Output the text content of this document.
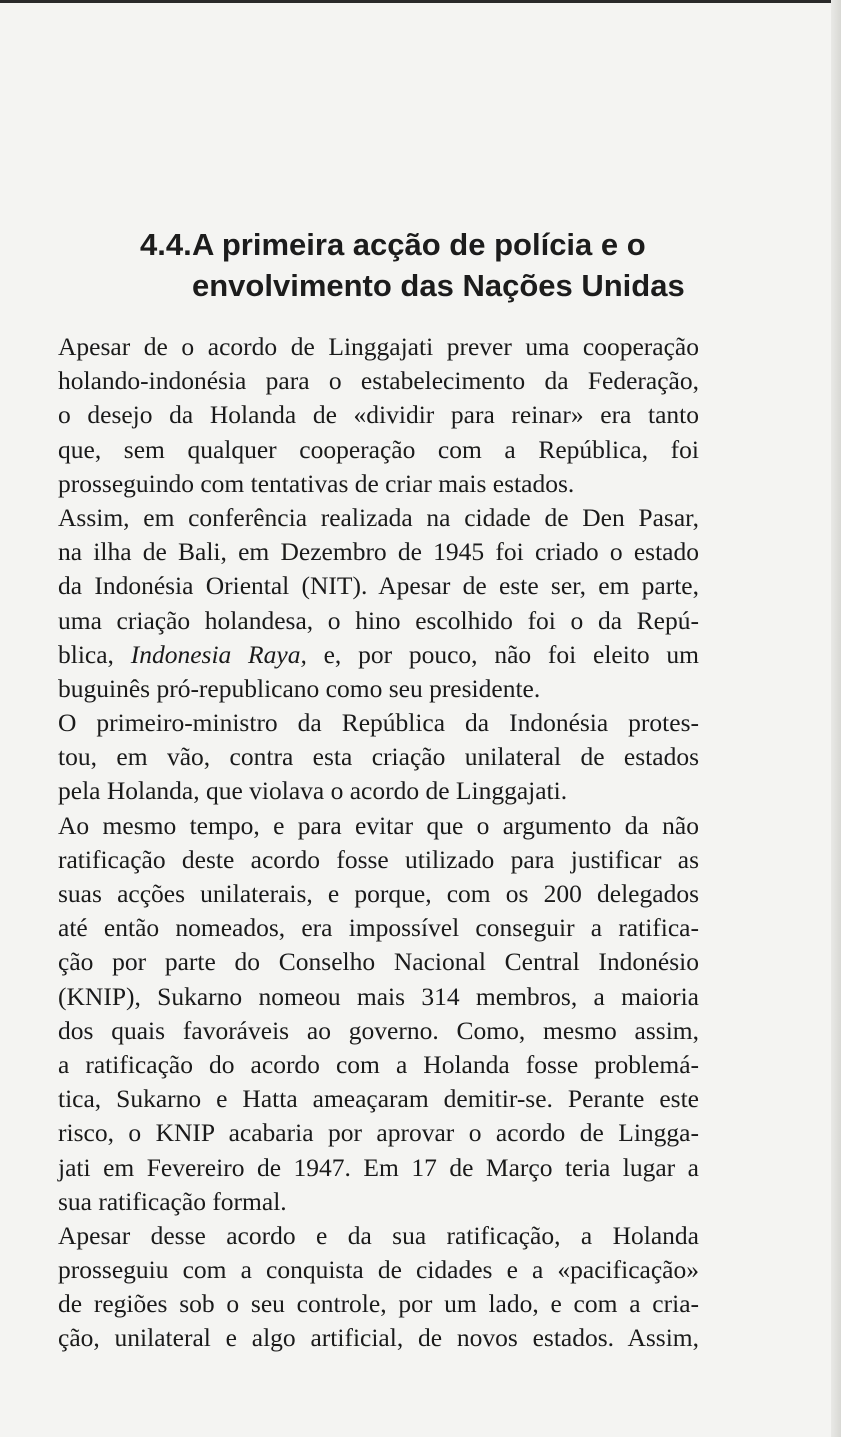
4.4.A primeira acção de polícia e o
envolvimento das Nações Unidas
Apesar de o acordo de Linggajati prever uma cooperação
holando-indonésia para o estabelecimento da Federação,
o desejo da Holanda de «dividir para reinar» era tanto
que, sem qualquer cooperação com a República, foi
prosseguindo com tentativas de criar mais estados.
Assim, em conferência realizada na cidade de Den Pasar,
na ilha de Bali, em Dezembro de 1945 foi criado o estado
da Indonésia Oriental (NIT). Apesar de este ser, em parte,
uma criação holandesa, o hino escolhido foi o da Repú-
blica, Indonesia Raya, e, por pouco, não foi eleito um
buguinês pró-republicano como seu presidente.
O primeiro-ministro da República da Indonésia protes-
tou, em vão, contra esta criação unilateral de estados
pela Holanda, que violava o acordo de Linggajati.
Ao mesmo tempo, e para evitar que o argumento da não
ratificação deste acordo fosse utilizado para justificar as
suas acções unilaterais, e porque, com os 200 delegados
até então nomeados, era impossível conseguir a ratifica-
ção por parte do Conselho Nacional Central Indonésio
(KNIP), Sukarno nomeou mais 314 membros, a maioria
dos quais favoráveis ao governo. Como, mesmo assim,
a ratificação do acordo com a Holanda fosse problemá-
tica, Sukarno e Hatta ameaçaram demitir-se. Perante este
risco, o KNIP acabaria por aprovar o acordo de Lingga-
jati em Fevereiro de 1947. Em 17 de Março teria lugar a
sua ratificação formal.
Apesar desse acordo e da sua ratificação, a Holanda
prosseguiu com a conquista de cidades e a «pacificação»
de regiões sob o seu controle, por um lado, e com a cria-
ção, unilateral e algo artificial, de novos estados. Assim,
